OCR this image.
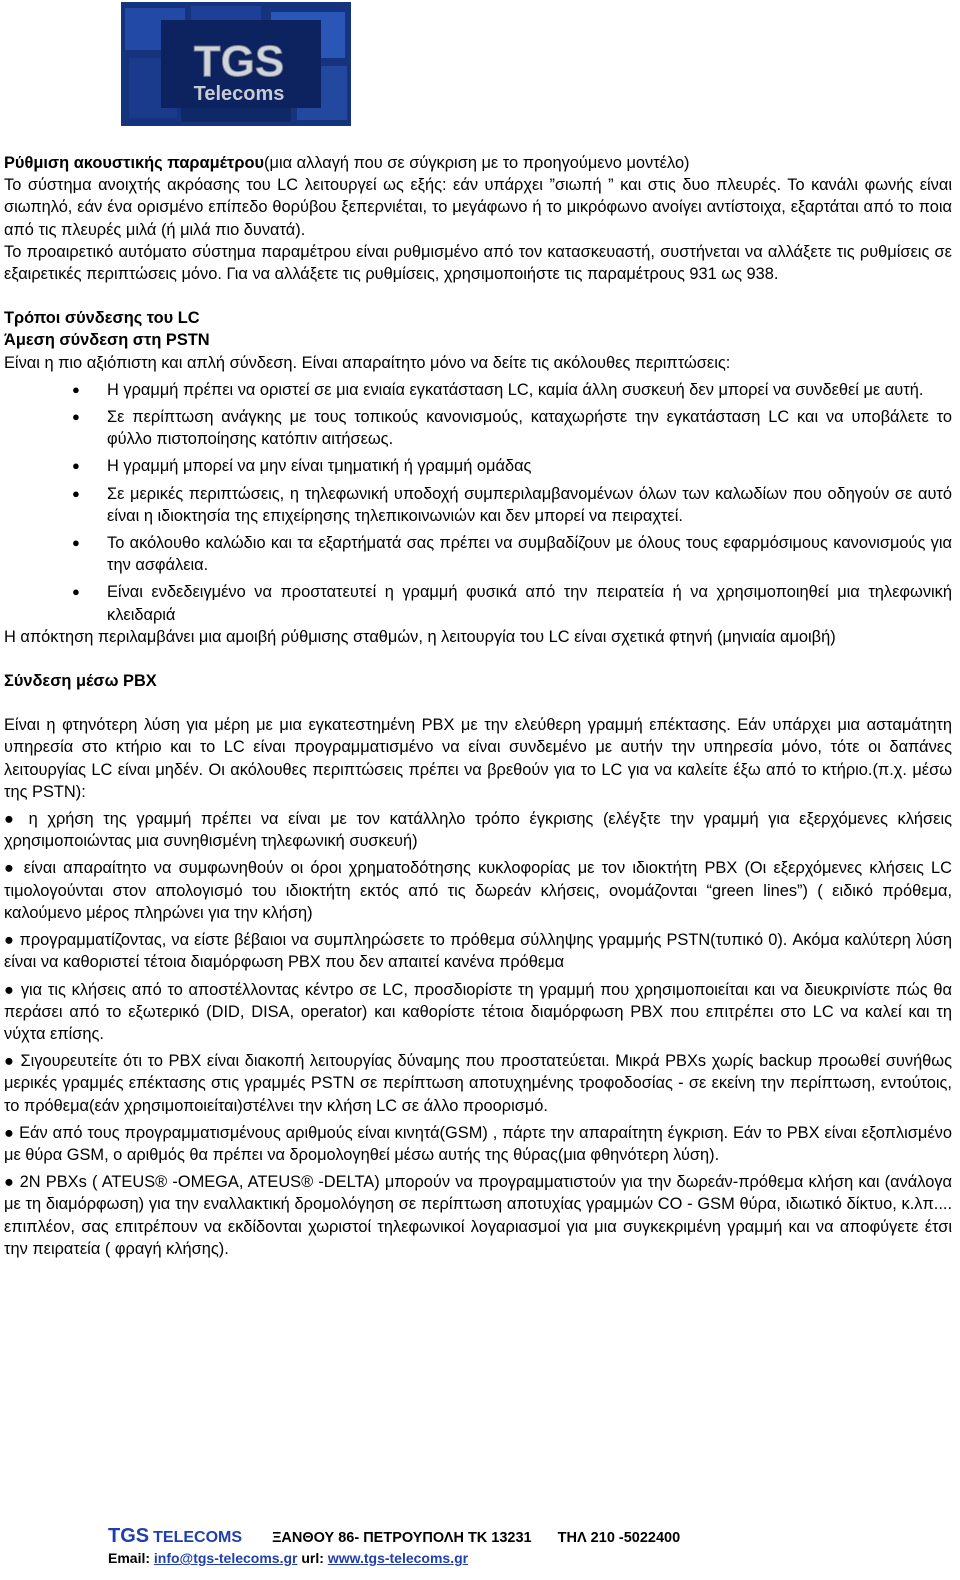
TGS
Telecoms

Ρύθμιση ακουστικής παραμέτρου(μια αλλαγή που σε σύγκριση με το προηγούμενο μοντέλο)

Το σύστημα ανοιχτής ακρόασης του LC λειτουργεί ως εξής: εάν υπάρχει ”σιωπή ” και στις δυο πλευρές. Το κανάλι φωνής είναι σιωπηλό, εάν ένα ορισμένο επίπεδο θορύβου ξεπερνιέται, το μεγάφωνο ή το μικρόφωνο ανοίγει αντίστοιχα, εξαρτάται από το ποια από τις πλευρές μιλά (ή μιλά πιο δυνατά).

Το προαιρετικό αυτόματο σύστημα παραμέτρου είναι ρυθμισμένο από τον κατασκευαστή, συστήνεται να αλλάξετε τις ρυθμίσεις σε εξαιρετικές περιπτώσεις μόνο. Για να αλλάξετε τις ρυθμίσεις, χρησιμοποιήστε τις παραμέτρους 931 ως 938.

Τρόποι σύνδεσης του LC

Άμεση σύνδεση στη PSTN

Είναι η πιο αξιόπιστη και απλή σύνδεση. Είναι απαραίτητο μόνο να δείτε τις ακόλουθες περιπτώσεις:

● Η γραμμή πρέπει να οριστεί σε μια ενιαία εγκατάσταση LC, καμία άλλη συσκευή δεν μπορεί να συνδεθεί με αυτή.
● Σε περίπτωση ανάγκης με τους τοπικούς κανονισμούς, καταχωρήστε την εγκατάσταση LC και να υποβάλετε το φύλλο πιστοποίησης κατόπιν αιτήσεως.
● Η γραμμή μπορεί να μην είναι τμηματική ή γραμμή ομάδας
● Σε μερικές περιπτώσεις, η τηλεφωνική υποδοχή συμπεριλαμβανομένων όλων των καλωδίων που οδηγούν σε αυτό είναι η ιδιοκτησία της επιχείρησης τηλεπικοινωνιών και δεν μπορεί να πειραχτεί.
● Το ακόλουθο καλώδιο και τα εξαρτήματά σας πρέπει να συμβαδίζουν με όλους τους εφαρμόσιμους κανονισμούς για την ασφάλεια.
● Είναι ενδεδειγμένο να προστατευτεί η γραμμή φυσικά από την πειρατεία ή να χρησιμοποιηθεί μια τηλεφωνική κλειδαριά

Η απόκτηση περιλαμβάνει μια αμοιβή ρύθμισης σταθμών, η λειτουργία του LC είναι σχετικά φτηνή (μηνιαία αμοιβή)

Σύνδεση μέσω PBX

Είναι η φτηνότερη λύση για μέρη με μια εγκατεστημένη PBX με την ελεύθερη γραμμή επέκτασης. Εάν υπάρχει μια ασταμάτητη υπηρεσία στο κτήριο και το LC είναι προγραμματισμένο να είναι συνδεμένο με αυτήν την υπηρεσία μόνο, τότε οι δαπάνες λειτουργίας LC είναι μηδέν. Οι ακόλουθες περιπτώσεις πρέπει να βρεθούν για το LC για να καλείτε έξω από το κτήριο.(π.χ. μέσω της PSTN):

● η χρήση της γραμμή πρέπει να είναι με τον κατάλληλο τρόπο έγκρισης (ελέγξτε την γραμμή για εξερχόμενες κλήσεις χρησιμοποιώντας μια συνηθισμένη τηλεφωνική συσκευή)

● είναι απαραίτητο να συμφωνηθούν οι όροι χρηματοδότησης κυκλοφορίας με τον ιδιοκτήτη PBX (Οι εξερχόμενες κλήσεις LC τιμολογούνται στον απολογισμό του ιδιοκτήτη εκτός από τις δωρεάν κλήσεις, ονομάζονται “green lines”) ( ειδικό πρόθεμα, καλούμενο μέρος πληρώνει για την κλήση)

● προγραμματίζοντας, να είστε βέβαιοι να συμπληρώσετε το πρόθεμα σύλληψης γραμμής PSTN(τυπικό 0). Ακόμα καλύτερη λύση είναι να καθοριστεί τέτοια διαμόρφωση PBX που δεν απαιτεί κανένα πρόθεμα

● για τις κλήσεις από το αποστέλλοντας κέντρο σε LC, προσδιορίστε τη γραμμή που χρησιμοποιείται και να διευκρινίστε πώς θα περάσει από το εξωτερικό (DID, DISA, operator) και καθορίστε τέτοια διαμόρφωση PBX που επιτρέπει στο LC να καλεί και τη νύχτα επίσης.

● Σιγουρευτείτε ότι το PBX είναι διακοπή λειτουργίας δύναμης που προστατεύεται. Μικρά PBXs χωρίς backup προωθεί συνήθως μερικές γραμμές επέκτασης στις γραμμές PSTN σε περίπτωση αποτυχημένης τροφοδοσίας - σε εκείνη την περίπτωση, εντούτοις, το πρόθεμα(εάν χρησιμοποιείται)στέλνει την κλήση LC σε άλλο προορισμό.

● Εάν από τους προγραμματισμένους αριθμούς είναι κινητά(GSM) , πάρτε την απαραίτητη έγκριση. Εάν το PBX είναι εξοπλισμένο με θύρα GSM, ο αριθμός θα πρέπει να δρομολογηθεί μέσω αυτής της θύρας(μια φθηνότερη λύση).

● 2N PBXs ( ATEUS® -OMEGA, ATEUS® -DELTA) μπορούν να προγραμματιστούν για την δωρεάν-πρόθεμα κλήση και (ανάλογα με τη διαμόρφωση) για την εναλλακτική δρομολόγηση σε περίπτωση αποτυχίας γραμμών CO - GSM θύρα, ιδιωτικό δίκτυο, κ.λπ.... επιπλέον, σας επιτρέπουν να εκδίδονται χωριστοί τηλεφωνικοί λογαριασμοί για μια συγκεκριμένη γραμμή και να αποφύγετε έτσι την πειρατεία ( φραγή κλήσης).

TGS TELECOMS ΞΑΝΘΟΥ 86- ΠΕΤΡΟΥΠΟΛΗ ΤΚ 13231 ΤΗΛ 210 -5022400
Email: info@tgs-telecoms.gr url: www.tgs-telecoms.gr
